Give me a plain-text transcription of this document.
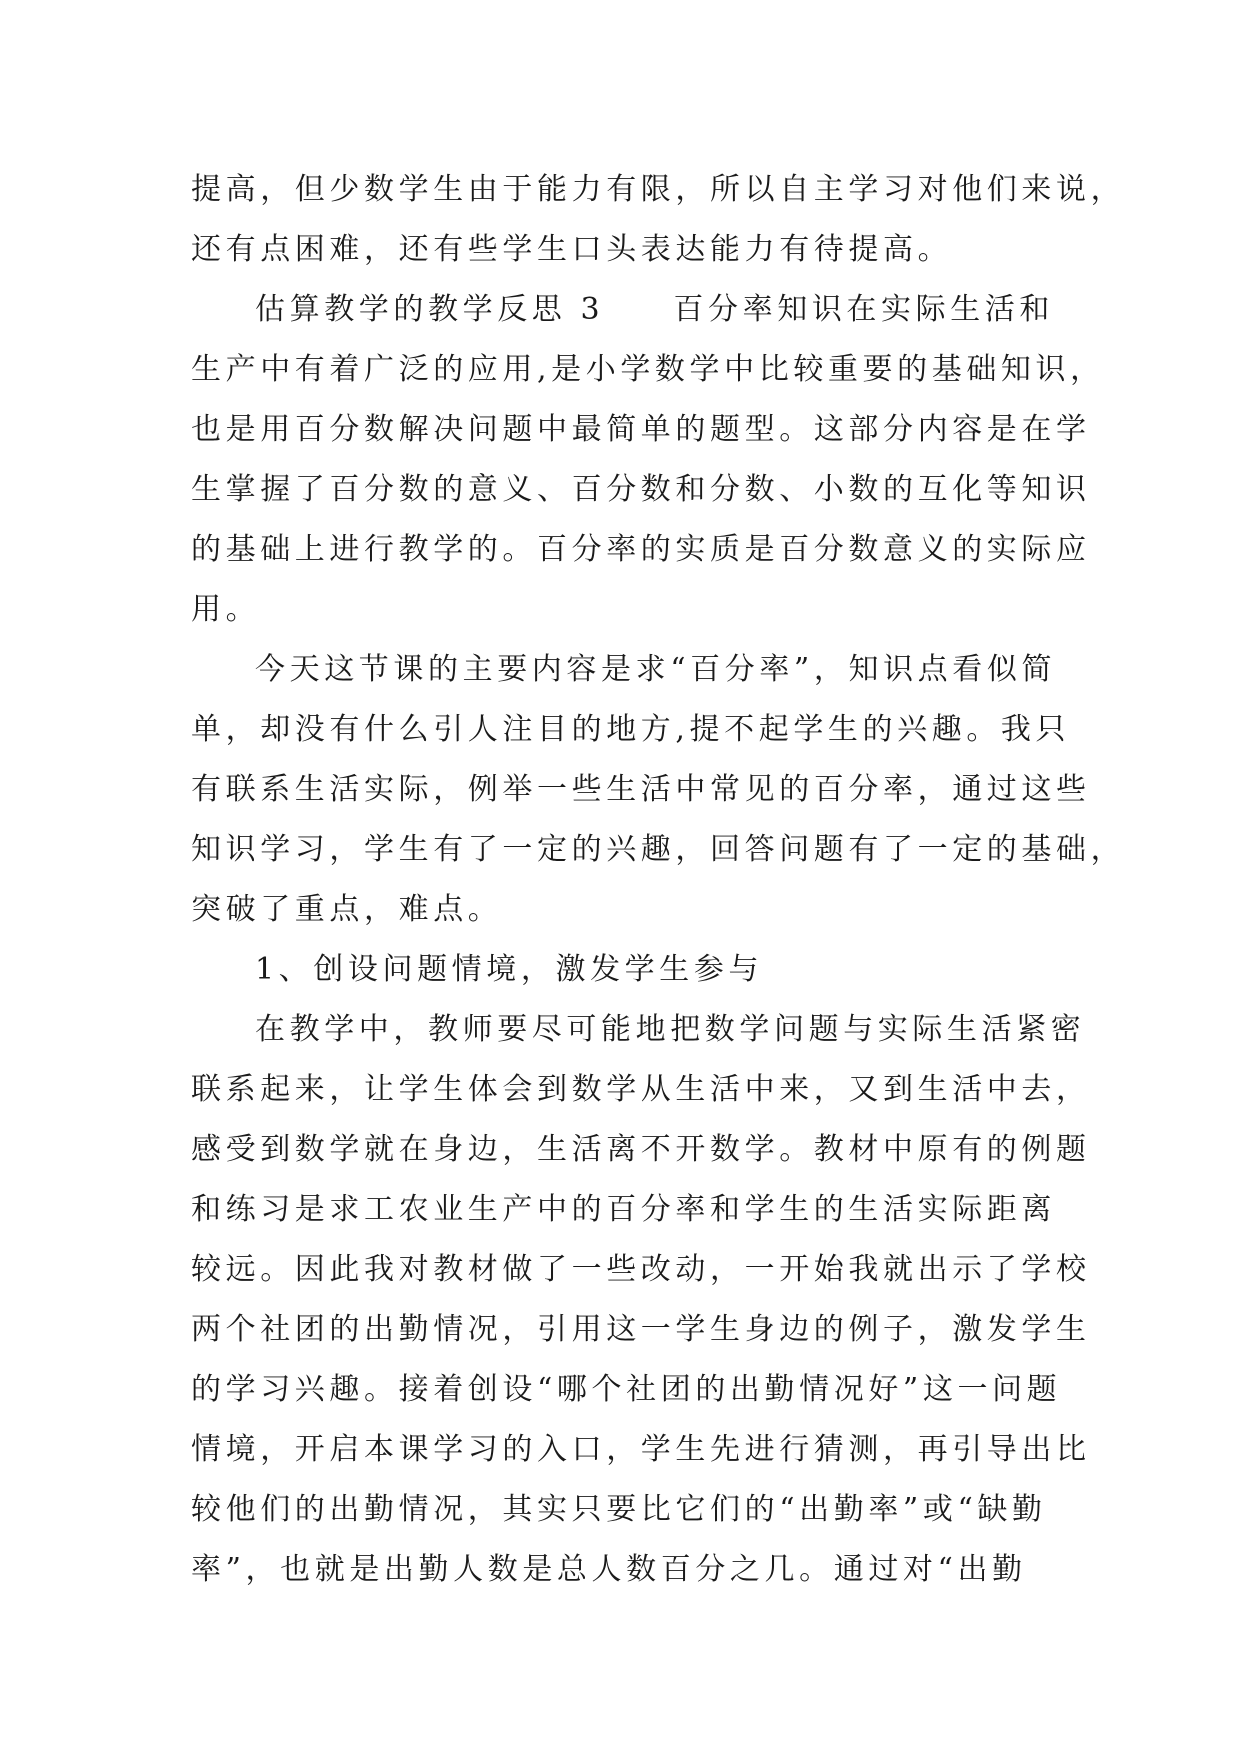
提高，但少数学生由于能力有限，所以自主学习对他们来说，
还有点困难，还有些学生口头表达能力有待提高。
估算教学的教学反思 3　　百分率知识在实际生活和
生产中有着广泛的应用,是小学数学中比较重要的基础知识，
也是用百分数解决问题中最简单的题型。这部分内容是在学
生掌握了百分数的意义、百分数和分数、小数的互化等知识
的基础上进行教学的。百分率的实质是百分数意义的实际应
用。
今天这节课的主要内容是求“百分率”，知识点看似简
单，却没有什么引人注目的地方,提不起学生的兴趣。我只
有联系生活实际，例举一些生活中常见的百分率，通过这些
知识学习，学生有了一定的兴趣，回答问题有了一定的基础，
突破了重点，难点。
1、创设问题情境，激发学生参与
在教学中，教师要尽可能地把数学问题与实际生活紧密
联系起来，让学生体会到数学从生活中来，又到生活中去，
感受到数学就在身边，生活离不开数学。教材中原有的例题
和练习是求工农业生产中的百分率和学生的生活实际距离
较远。因此我对教材做了一些改动，一开始我就出示了学校
两个社团的出勤情况，引用这一学生身边的例子，激发学生
的学习兴趣。接着创设“哪个社团的出勤情况好”这一问题
情境，开启本课学习的入口，学生先进行猜测，再引导出比
较他们的出勤情况，其实只要比它们的“出勤率”或“缺勤
率”，也就是出勤人数是总人数百分之几。通过对“出勤
